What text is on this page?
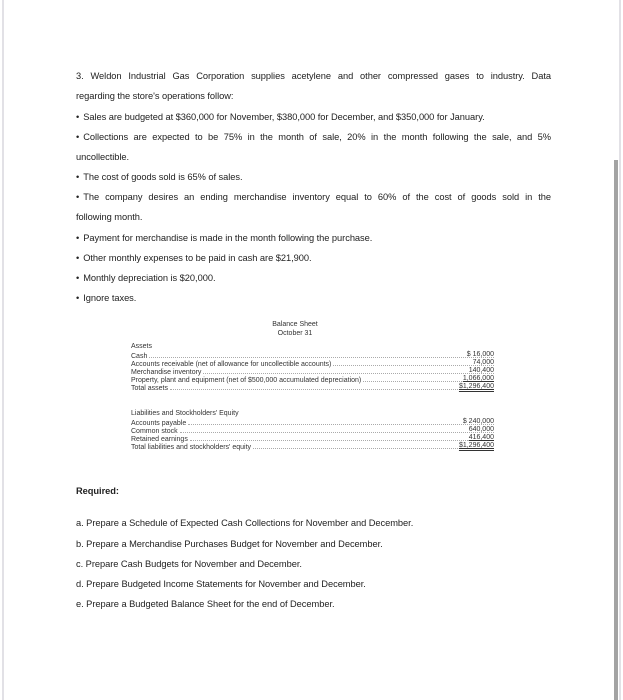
3. Weldon Industrial Gas Corporation supplies acetylene and other compressed gases to industry. Data
regarding the store's operations follow:
• Sales are budgeted at $360,000 for November, $380,000 for December, and $350,000 for January.
• Collections are expected to be 75% in the month of sale, 20% in the month following the sale, and 5%
uncollectible.
• The cost of goods sold is 65% of sales.
• The company desires an ending merchandise inventory equal to 60% of the cost of goods sold in the
following month.
• Payment for merchandise is made in the month following the purchase.
• Other monthly expenses to be paid in cash are $21,900.
• Monthly depreciation is $20,000.
• Ignore taxes.
Balance Sheet
October 31
Assets
Cash	$ 16,000
Accounts receivable (net of allowance for uncollectible accounts)	74,000
Merchandise inventory	140,400
Property, plant and equipment (net of $500,000 accumulated depreciation)	1,066,000
Total assets	$1,296,400
Liabilities and Stockholders' Equity
Accounts payable	$ 240,000
Common stock	640,000
Retained earnings	416,400
Total liabilities and stockholders' equity	$1,296,400
Required:
a. Prepare a Schedule of Expected Cash Collections for November and December.
b. Prepare a Merchandise Purchases Budget for November and December.
c. Prepare Cash Budgets for November and December.
d. Prepare Budgeted Income Statements for November and December.
e. Prepare a Budgeted Balance Sheet for the end of December.
